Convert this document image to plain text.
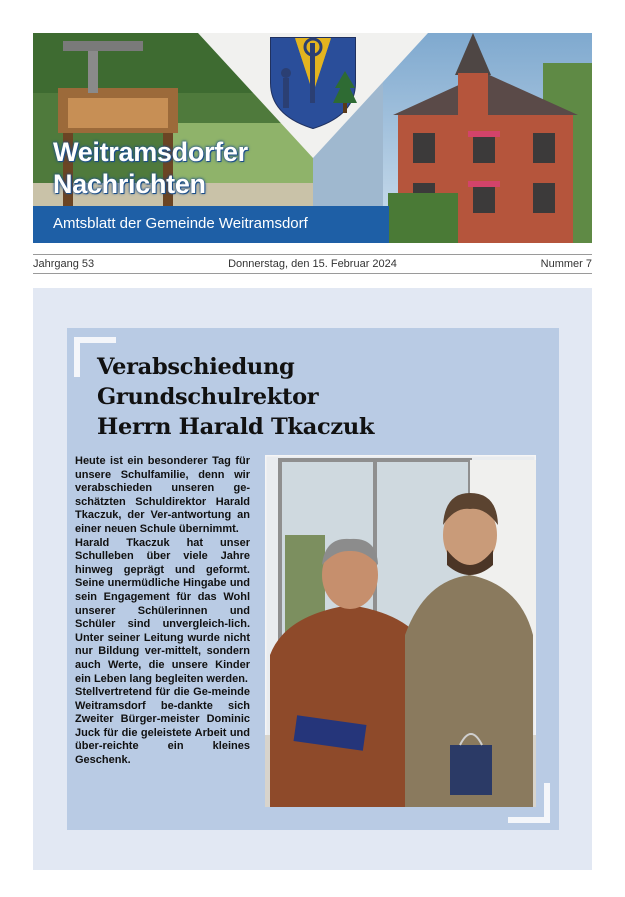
Weitramsdorfer
Nachrichten
Amtsblatt der Gemeinde Weitramsdorf
Jahrgang 53	Donnerstag, den 15. Februar 2024	Nummer 7
Verabschiedung
Grundschulrektor
Herrn Harald Tkaczuk

Heute ist ein besonderer Tag für unsere Schulfamilie, denn wir verabschieden unseren ge-schätzten Schuldirektor Harald Tkaczuk, der Ver-antwortung an einer neuen Schule übernimmt.

Harald Tkaczuk hat unser Schulleben über viele Jahre hinweg geprägt und geformt. Seine unermüdliche Hingabe und sein Engagement für das Wohl unserer Schülerinnen und Schüler sind unvergleich-lich. Unter seiner Leitung wurde nicht nur Bildung ver-mittelt, sondern auch Werte, die unsere Kinder ein Leben lang begleiten werden.

Stellvertretend für die Ge-meinde Weitramsdorf be-dankte sich Zweiter Bürger-meister Dominic Juck für die geleistete Arbeit und über-reichte ein kleines Geschenk.
